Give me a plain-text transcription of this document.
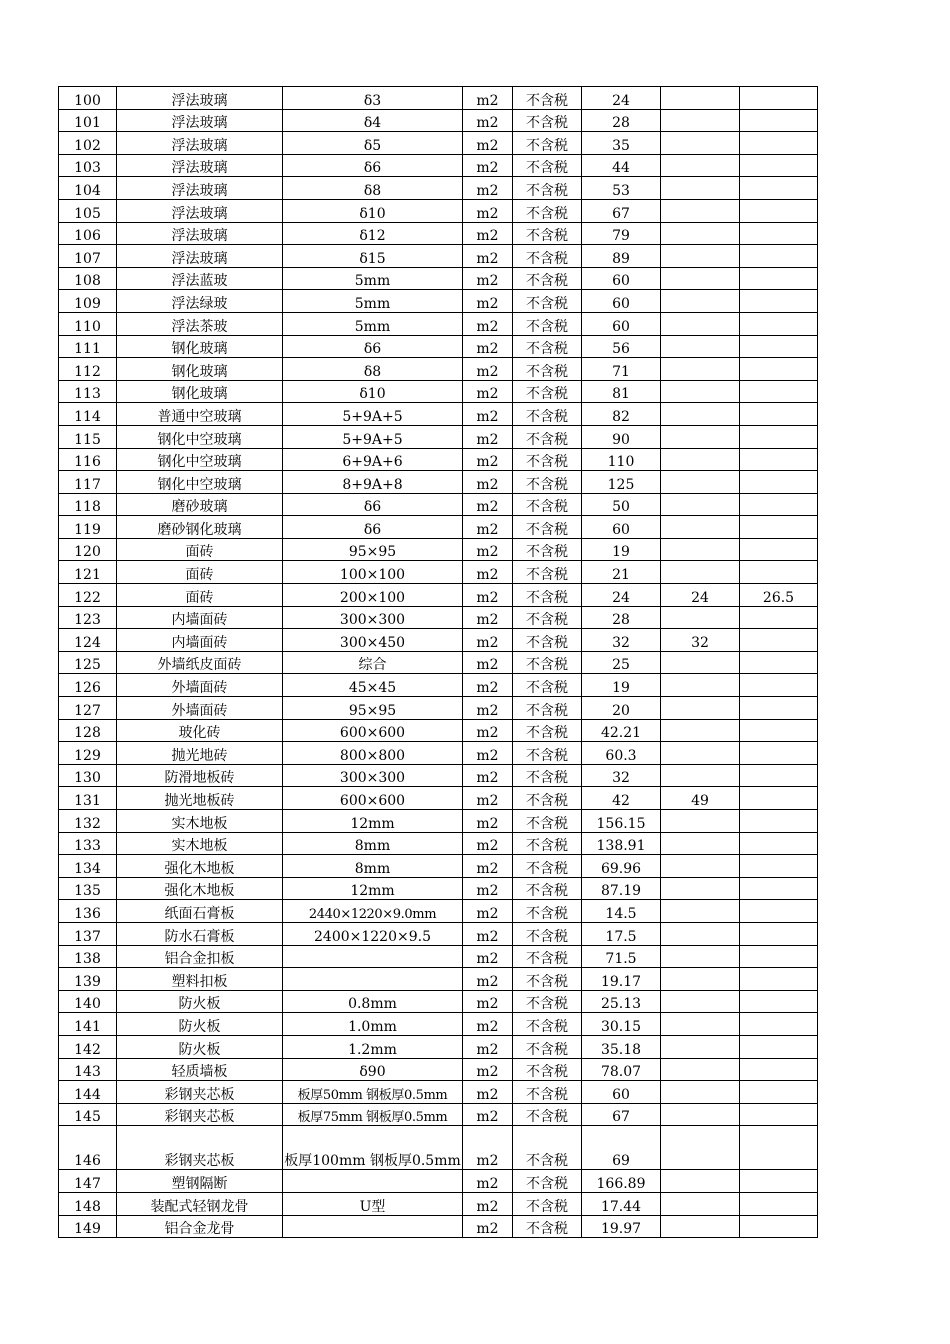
100	浮法玻璃	δ3	m2	不含税	24		
101	浮法玻璃	δ4	m2	不含税	28		
102	浮法玻璃	δ5	m2	不含税	35		
103	浮法玻璃	δ6	m2	不含税	44		
104	浮法玻璃	δ8	m2	不含税	53		
105	浮法玻璃	δ10	m2	不含税	67		
106	浮法玻璃	δ12	m2	不含税	79		
107	浮法玻璃	δ15	m2	不含税	89		
108	浮法蓝玻	5mm	m2	不含税	60		
109	浮法绿玻	5mm	m2	不含税	60		
110	浮法茶玻	5mm	m2	不含税	60		
111	钢化玻璃	δ6	m2	不含税	56		
112	钢化玻璃	δ8	m2	不含税	71		
113	钢化玻璃	δ10	m2	不含税	81		
114	普通中空玻璃	5+9A+5	m2	不含税	82		
115	钢化中空玻璃	5+9A+5	m2	不含税	90		
116	钢化中空玻璃	6+9A+6	m2	不含税	110		
117	钢化中空玻璃	8+9A+8	m2	不含税	125		
118	磨砂玻璃	δ6	m2	不含税	50		
119	磨砂钢化玻璃	δ6	m2	不含税	60		
120	面砖	95×95	m2	不含税	19		
121	面砖	100×100	m2	不含税	21		
122	面砖	200×100	m2	不含税	24	24	26.5
123	内墙面砖	300×300	m2	不含税	28		
124	内墙面砖	300×450	m2	不含税	32	32	
125	外墙纸皮面砖	综合	m2	不含税	25		
126	外墙面砖	45×45	m2	不含税	19		
127	外墙面砖	95×95	m2	不含税	20		
128	玻化砖	600×600	m2	不含税	42.21		
129	抛光地砖	800×800	m2	不含税	60.3		
130	防滑地板砖	300×300	m2	不含税	32		
131	抛光地板砖	600×600	m2	不含税	42	49	
132	实木地板	12mm	m2	不含税	156.15		
133	实木地板	8mm	m2	不含税	138.91		
134	强化木地板	8mm	m2	不含税	69.96		
135	强化木地板	12mm	m2	不含税	87.19		
136	纸面石膏板	2440×1220×9.0mm	m2	不含税	14.5		
137	防水石膏板	2400×1220×9.5	m2	不含税	17.5		
138	铝合金扣板		m2	不含税	71.5		
139	塑料扣板		m2	不含税	19.17		
140	防火板	0.8mm	m2	不含税	25.13		
141	防火板	1.0mm	m2	不含税	30.15		
142	防火板	1.2mm	m2	不含税	35.18		
143	轻质墙板	δ90	m2	不含税	78.07		
144	彩钢夹芯板	板厚50mm 钢板厚0.5mm	m2	不含税	60		
145	彩钢夹芯板	板厚75mm 钢板厚0.5mm	m2	不含税	67		
146	彩钢夹芯板	板厚100mm 钢板厚0.5mm	m2	不含税	69		
147	塑钢隔断		m2	不含税	166.89		
148	装配式轻钢龙骨	U型	m2	不含税	17.44		
149	铝合金龙骨		m2	不含税	19.97		
